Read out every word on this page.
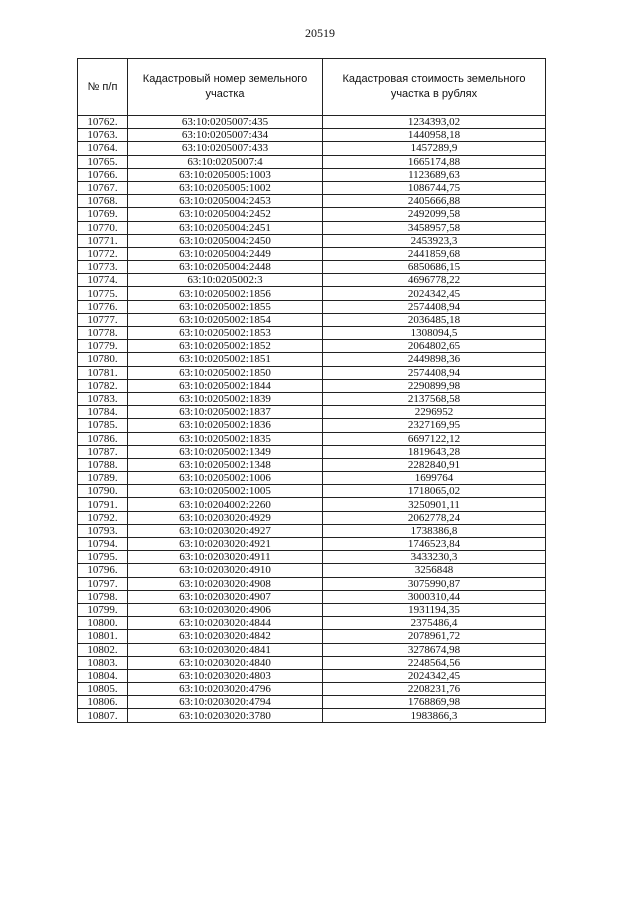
20519
№ п/п	Кадастровый номер земельного участка	Кадастровая стоимость земельного участка в рублях
10762.	63:10:0205007:435	1234393,02
10763.	63:10:0205007:434	1440958,18
10764.	63:10:0205007:433	1457289,9
10765.	63:10:0205007:4	1665174,88
10766.	63:10:0205005:1003	1123689,63
10767.	63:10:0205005:1002	1086744,75
10768.	63:10:0205004:2453	2405666,88
10769.	63:10:0205004:2452	2492099,58
10770.	63:10:0205004:2451	3458957,58
10771.	63:10:0205004:2450	2453923,3
10772.	63:10:0205004:2449	2441859,68
10773.	63:10:0205004:2448	6850686,15
10774.	63:10:0205002:3	4696778,22
10775.	63:10:0205002:1856	2024342,45
10776.	63:10:0205002:1855	2574408,94
10777.	63:10:0205002:1854	2036485,18
10778.	63:10:0205002:1853	1308094,5
10779.	63:10:0205002:1852	2064802,65
10780.	63:10:0205002:1851	2449898,36
10781.	63:10:0205002:1850	2574408,94
10782.	63:10:0205002:1844	2290899,98
10783.	63:10:0205002:1839	2137568,58
10784.	63:10:0205002:1837	2296952
10785.	63:10:0205002:1836	2327169,95
10786.	63:10:0205002:1835	6697122,12
10787.	63:10:0205002:1349	1819643,28
10788.	63:10:0205002:1348	2282840,91
10789.	63:10:0205002:1006	1699764
10790.	63:10:0205002:1005	1718065,02
10791.	63:10:0204002:2260	3250901,11
10792.	63:10:0203020:4929	2062778,24
10793.	63:10:0203020:4927	1738386,8
10794.	63:10:0203020:4921	1746523,84
10795.	63:10:0203020:4911	3433230,3
10796.	63:10:0203020:4910	3256848
10797.	63:10:0203020:4908	3075990,87
10798.	63:10:0203020:4907	3000310,44
10799.	63:10:0203020:4906	1931194,35
10800.	63:10:0203020:4844	2375486,4
10801.	63:10:0203020:4842	2078961,72
10802.	63:10:0203020:4841	3278674,98
10803.	63:10:0203020:4840	2248564,56
10804.	63:10:0203020:4803	2024342,45
10805.	63:10:0203020:4796	2208231,76
10806.	63:10:0203020:4794	1768869,98
10807.	63:10:0203020:3780	1983866,3
